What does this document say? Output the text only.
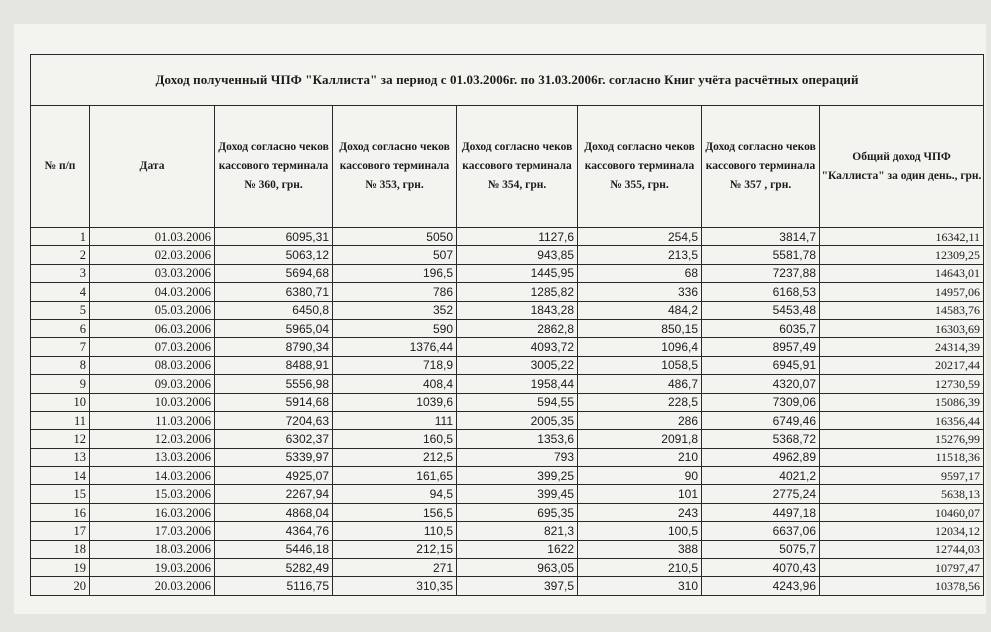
Доход полученный ЧПФ "Каллиста" за период с 01.03.2006г. по 31.03.2006г. согласно Книг учёта расчётных операций							
№ п/п	Дата	Доход согласно чеков кассового терминала № 360, грн.	Доход согласно чеков кассового терминала № 353, грн.	Доход согласно чеков кассового терминала № 354, грн.	Доход согласно чеков кассового терминала № 355, грн.	Доход согласно чеков кассового терминала № 357 , грн.	Общий доход ЧПФ "Каллиста" за один день., грн.
1	01.03.2006	6095,31	5050	1127,6	254,5	3814,7	16342,11
2	02.03.2006	5063,12	507	943,85	213,5	5581,78	12309,25
3	03.03.2006	5694,68	196,5	1445,95	68	7237,88	14643,01
4	04.03.2006	6380,71	786	1285,82	336	6168,53	14957,06
5	05.03.2006	6450,8	352	1843,28	484,2	5453,48	14583,76
6	06.03.2006	5965,04	590	2862,8	850,15	6035,7	16303,69
7	07.03.2006	8790,34	1376,44	4093,72	1096,4	8957,49	24314,39
8	08.03.2006	8488,91	718,9	3005,22	1058,5	6945,91	20217,44
9	09.03.2006	5556,98	408,4	1958,44	486,7	4320,07	12730,59
10	10.03.2006	5914,68	1039,6	594,55	228,5	7309,06	15086,39
11	11.03.2006	7204,63	111	2005,35	286	6749,46	16356,44
12	12.03.2006	6302,37	160,5	1353,6	2091,8	5368,72	15276,99
13	13.03.2006	5339,97	212,5	793	210	4962,89	11518,36
14	14.03.2006	4925,07	161,65	399,25	90	4021,2	9597,17
15	15.03.2006	2267,94	94,5	399,45	101	2775,24	5638,13
16	16.03.2006	4868,04	156,5	695,35	243	4497,18	10460,07
17	17.03.2006	4364,76	110,5	821,3	100,5	6637,06	12034,12
18	18.03.2006	5446,18	212,15	1622	388	5075,7	12744,03
19	19.03.2006	5282,49	271	963,05	210,5	4070,43	10797,47
20	20.03.2006	5116,75	310,35	397,5	310	4243,96	10378,56
